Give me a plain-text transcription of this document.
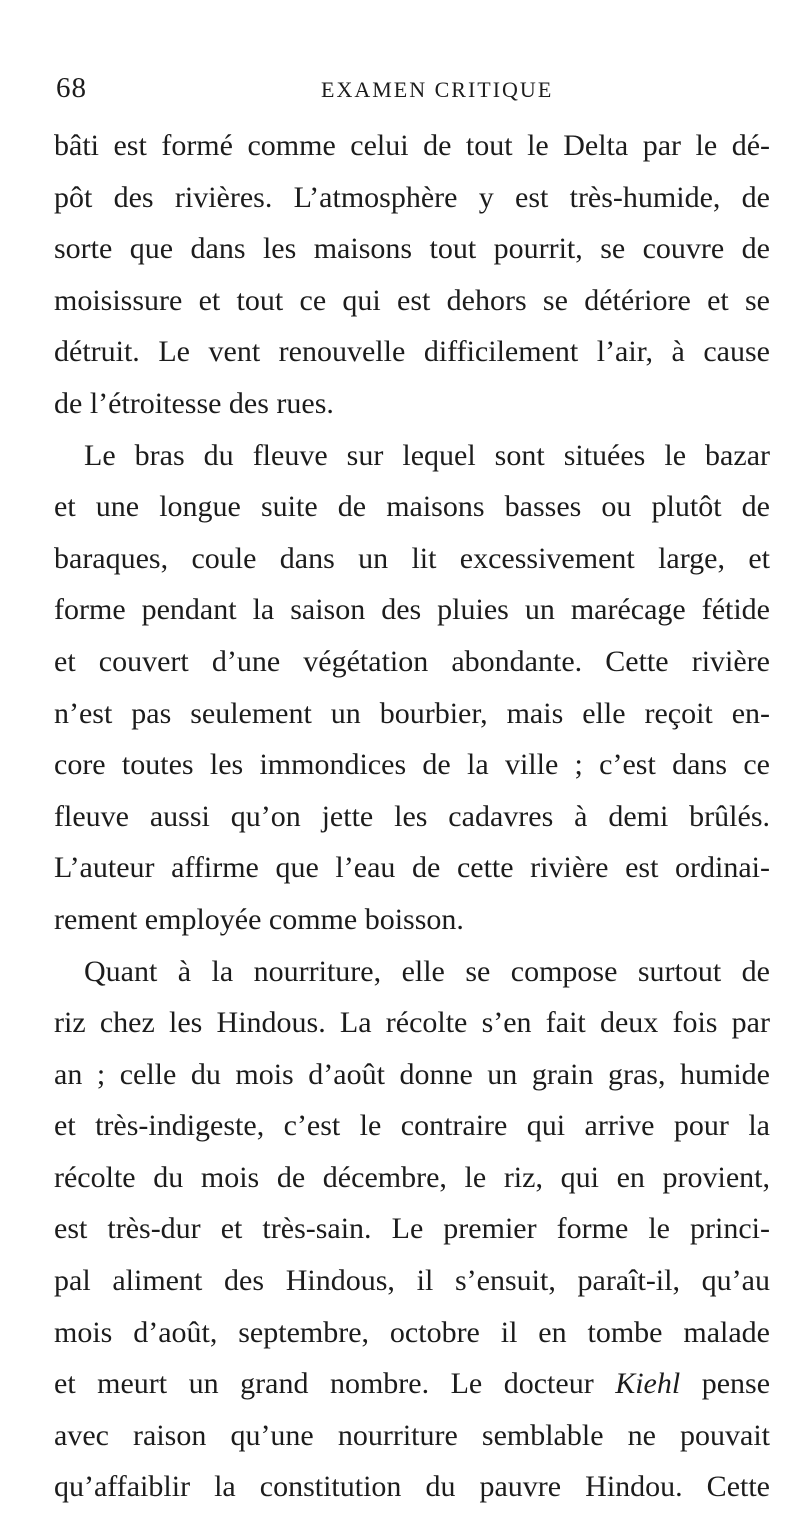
68	EXAMEN CRITIQUE
bâti est formé comme celui de tout le Delta par le dé-
pôt des rivières. L’atmosphère y est très-humide, de
sorte que dans les maisons tout pourrit, se couvre de
moisissure et tout ce qui est dehors se détériore et se
détruit. Le vent renouvelle difficilement l’air, à cause
de l’étroitesse des rues.
Le bras du fleuve sur lequel sont situées le bazar
et une longue suite de maisons basses ou plutôt de
baraques, coule dans un lit excessivement large, et
forme pendant la saison des pluies un marécage fétide
et couvert d’une végétation abondante. Cette rivière
n’est pas seulement un bourbier, mais elle reçoit en-
core toutes les immondices de la ville ; c’est dans ce
fleuve aussi qu’on jette les cadavres à demi brûlés.
L’auteur affirme que l’eau de cette rivière est ordinai-
rement employée comme boisson.
Quant à la nourriture, elle se compose surtout de
riz chez les Hindous. La récolte s’en fait deux fois par
an ; celle du mois d’août donne un grain gras, humide
et très-indigeste, c’est le contraire qui arrive pour la
récolte du mois de décembre, le riz, qui en provient,
est très-dur et très-sain. Le premier forme le princi-
pal aliment des Hindous, il s’ensuit, paraît-il, qu’au
mois d’août, septembre, octobre il en tombe malade
et meurt un grand nombre. Le docteur Kiehl pense
avec raison qu’une nourriture semblable ne pouvait
qu’affaiblir la constitution du pauvre Hindou. Cette
